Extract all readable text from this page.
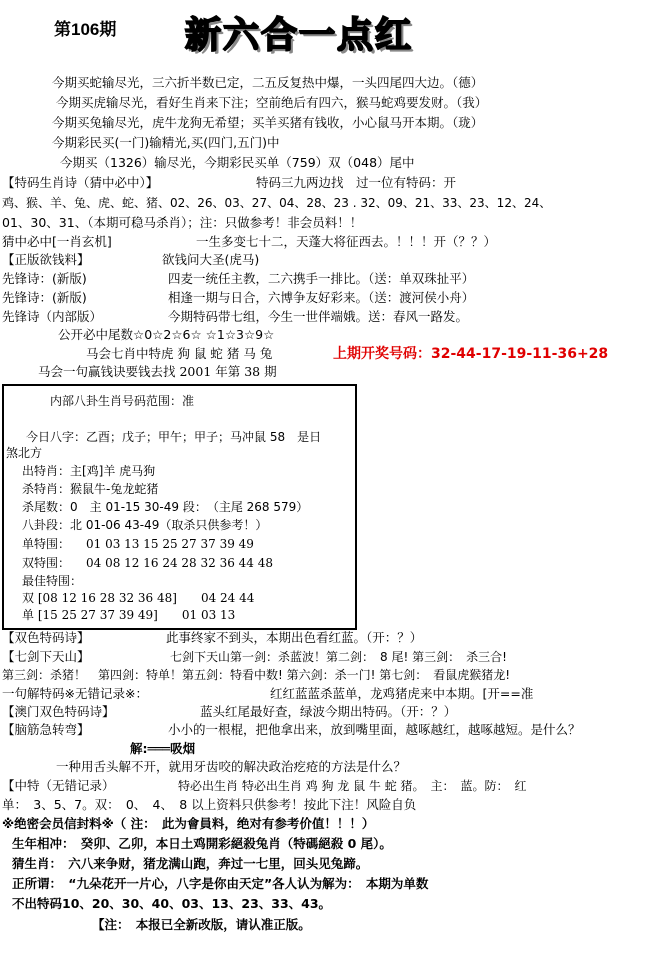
第106期 新六合一点红
今期买蛇输尽光，三六折半数已定，二五反复热中爆，一头四尾四大边。（德）
今期买虎输尽光，看好生肖来下注；空前绝后有四六，猴马蛇鸡要发财。（我）
今期买兔输尽光，虎牛龙狗无希望；买羊买猪有钱收，小心鼠马开本期。（珑）
今期彩民买(一门)输精光,买(四门,五门)中
今期买（1326）输尽光，今期彩民买单（759）双（048）尾中
【特码生肖诗（猜中必中）】	特码三九两边找　过一位有特码：开
鸡、猴、羊、兔、虎、蛇、猪、02、26、03、27、04、28、23 . 32、09、21、33、23、12、24、
01、30、31、（本期可稳马杀肖）；注：只做参考！非会员料！！
猜中必中[一肖玄机]	一生多变七十二，天蓬大将征西去。！！！开（？？）
【正版欲钱料】	欲钱问大圣(虎马)
先锋诗：(新版)	四麦一统任主教，二六携手一排比。（送：单双珠扯平）
先锋诗：(新版)	相逢一期与日合，六博争友好彩来。（送：渡河侯小舟）
先锋诗（内部版）	今期特码带七组，今生一世伴端娥。送：春风一路发。
公开必中尾数☆0☆2☆6☆ ☆1☆3☆9☆
马会七肖中特虎 狗 鼠 蛇 猪 马 兔	上期开奖号码：32-44-17-19-11-36+28
马会一句赢钱诀要钱去找 2001 年第 38 期
内部八卦生肖号码范围：准
今日八字：乙酉；戊子；甲午；甲子；马冲鼠 58　是日
煞北方
出特肖：主[鸡]羊 虎马狗
杀特肖：猴鼠牛-兔龙蛇猪
杀尾数：0　主 01-15 30-49 段：　（主尾 268 579）
八卦段：北 01-06 43-49（取杀只供参考！）
单特围： 01 03 13 15 25 27 37 39 49
双特围： 04 08 12 16 24 28 32 36 44 48
最佳特围：
双 [08 12 16 28 32 36 48]　　04 24 44
单 [15 25 27 37 39 49]　　01 03 13
【双色特码诗】	此事终家不到头，本期出色看红蓝。（开：？）
【七剑下天山】	七剑下天山第一剑：杀蓝波！第二剑：　8 尾! 第三剑：　杀三合!
第三剑：杀猪！　第四剑：特单！第五剑：特看中数! 第六剑：杀一门! 第七剑：　看鼠虎猴猪龙!
一句解特码※无错记录※：	红红蓝蓝杀蓝单，龙鸡猪虎来中本期。[开==准
【澳门双色特码诗】	蓝头红尾最好查，绿波今期出特码。（开：？）
【脑筋急转弯】	小小的一根棍，把他拿出来，放到嘴里面，越啄越红，越啄越短。是什么？
解:═══吸烟
一种用舌头解不开，就用牙齿咬的解决政治疙疮的方法是什么？
【中特（无错记录）	特必出生肖 特必出生肖 鸡 狗 龙 鼠 牛 蛇 猪。　主：　蓝。防：　红
单：　3、5、7。双：　0、　4、　8 以上资料只供参考！按此下注！风险自负
※绝密会员信封料※（ 注：　此为會員料，绝对有参考价值！！！）
生年相冲：　癸卯、乙卯，本日土鸡開彩絕殺兔肖（特碼絕殺 0 尾）。
猜生肖：　六八来争财，猪龙满山跑，奔过一七里，回头见兔蹄。
正所谓：　“九朵花开一片心，八字是你由天定”各人认为解为：　本期为单数
不出特码10、20、30、40、03、13、23、33、43。
【注：　本报已全新改版，请认准正版。
